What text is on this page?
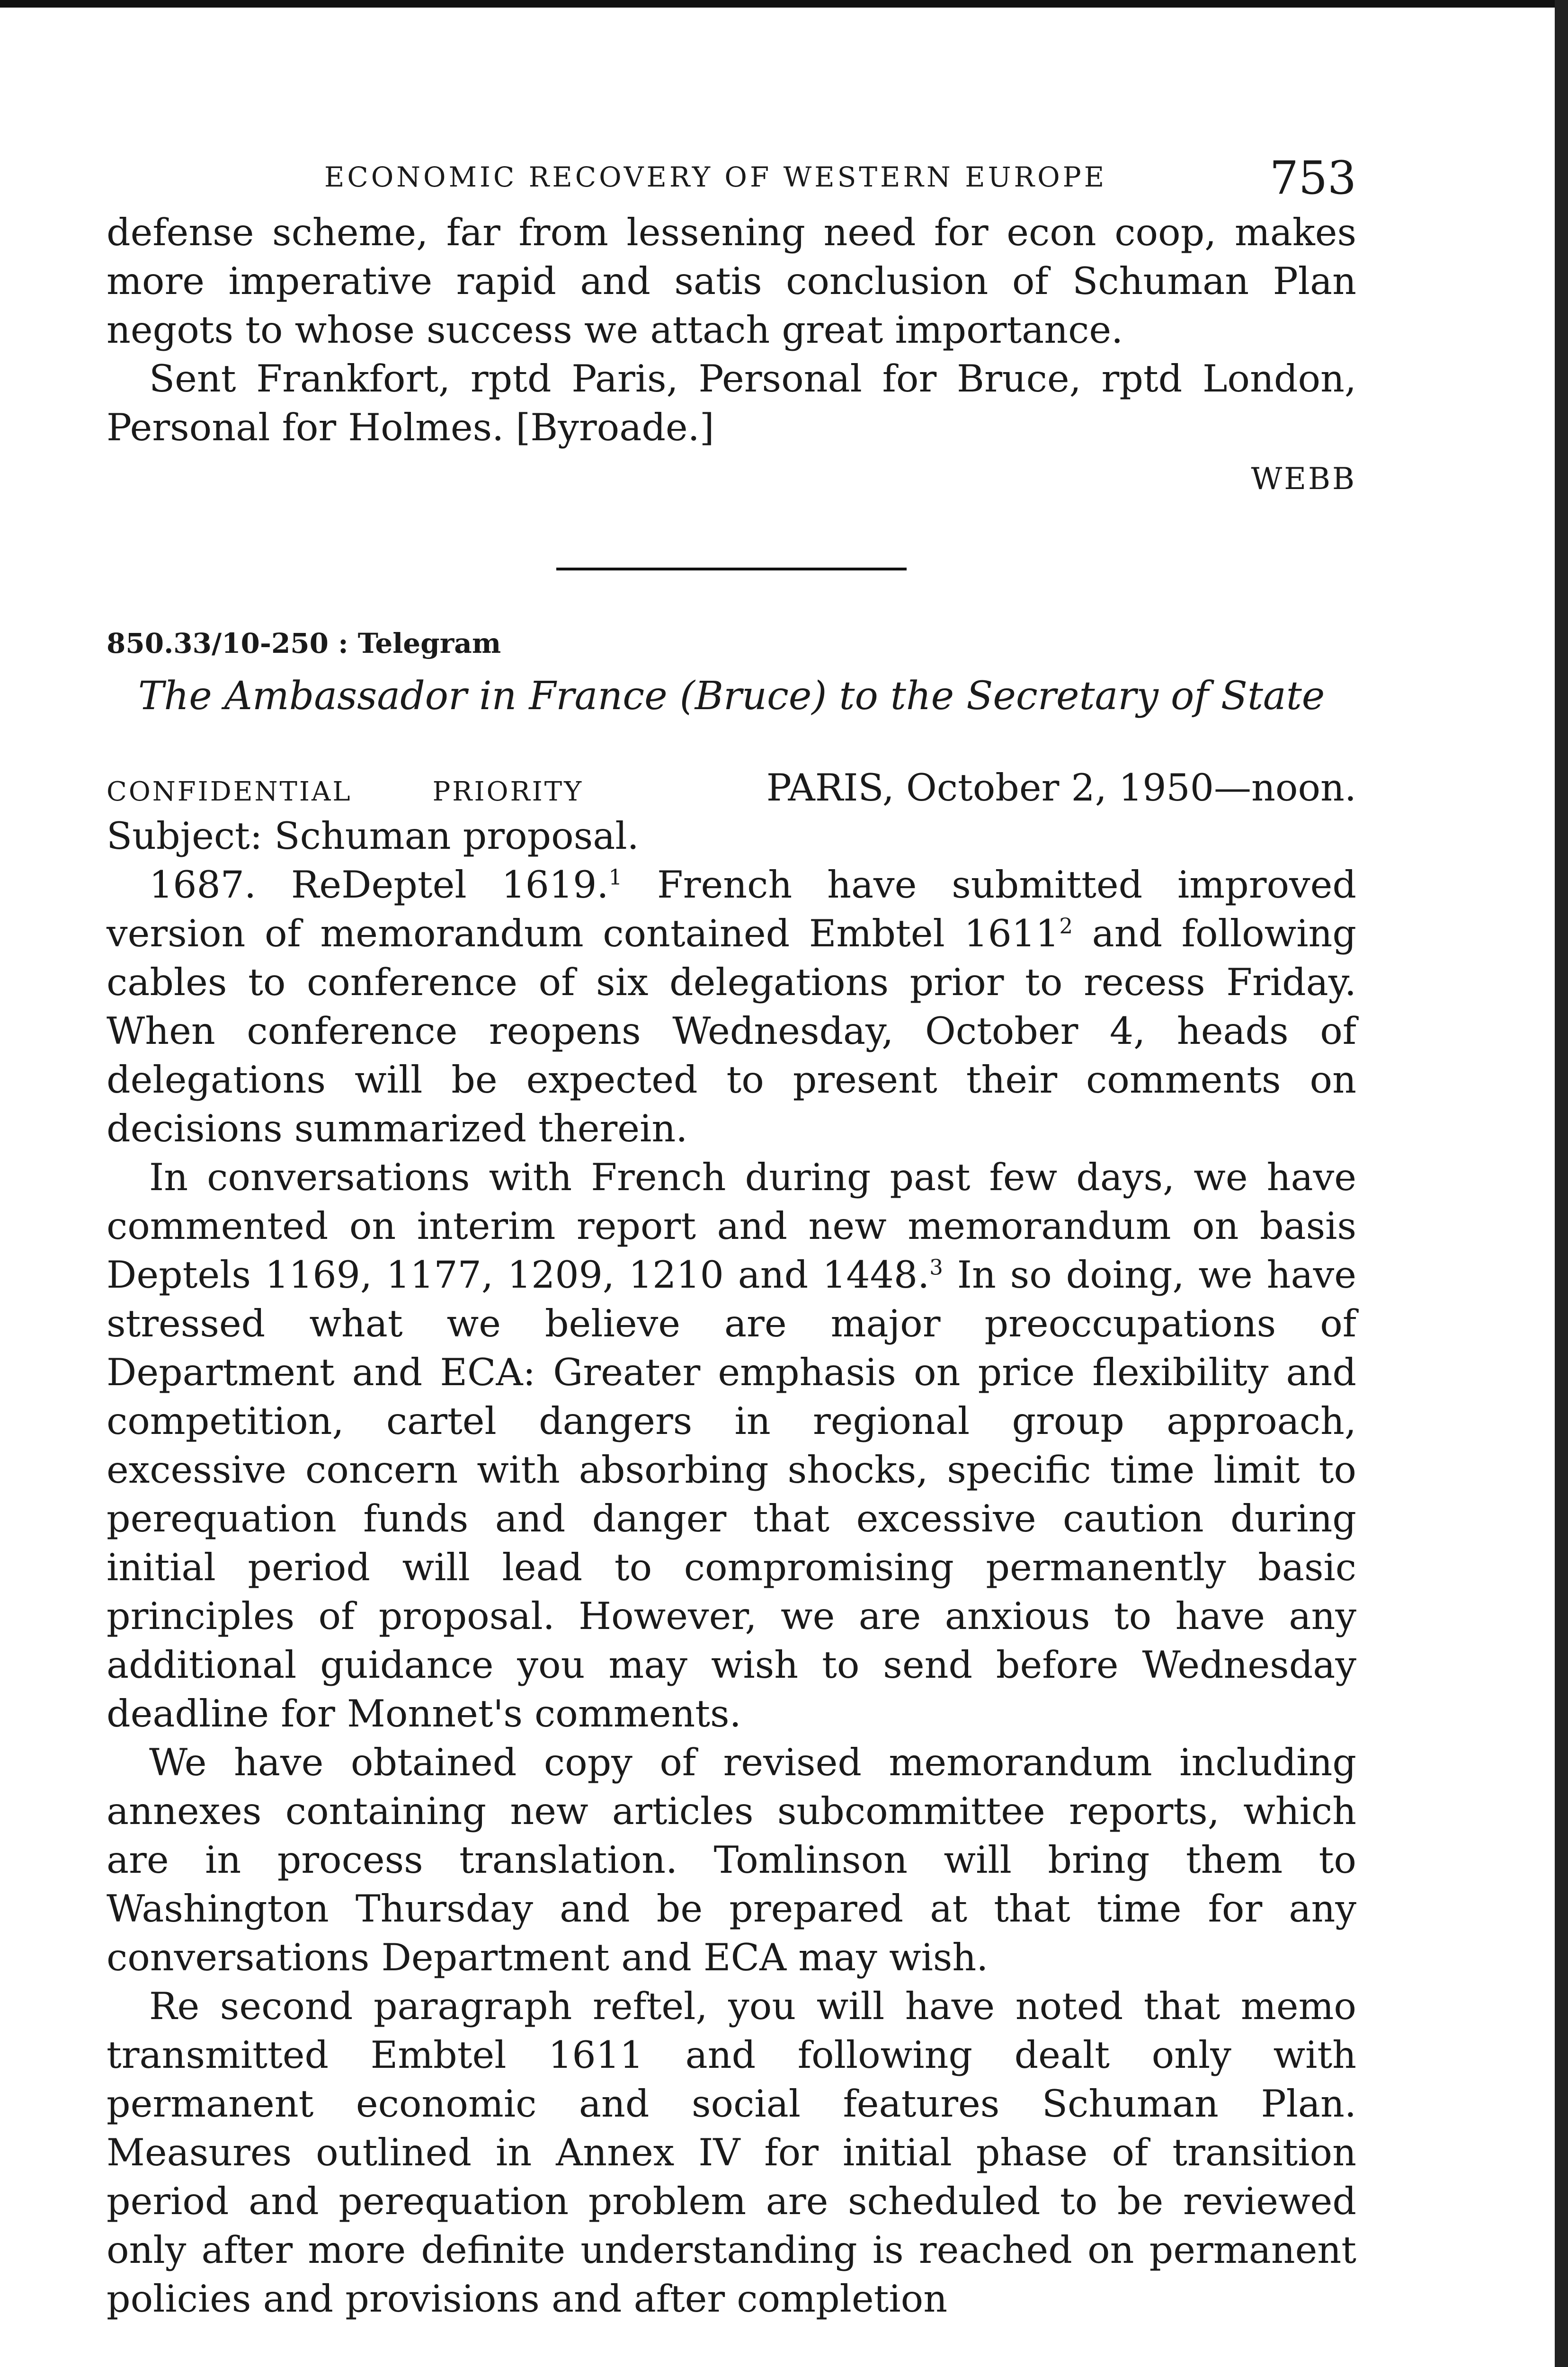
ECONOMIC RECOVERY OF WESTERN EUROPE	753

defense scheme, far from lessening need for econ coop, makes more imperative rapid and satis conclusion of Schuman Plan negots to whose success we attach great importance.

Sent Frankfort, rptd Paris, Personal for Bruce, rptd London, Personal for Holmes. [Byroade.]

WEBB
850.33/10-250 : Telegram
The Ambassador in France (Bruce) to the Secretary of State
CONFIDENTIAL	PRIORITY	PARIS, October 2, 1950—noon.
Subject: Schuman proposal.

1687. ReDeptel 1619.$^1$ French have submitted improved version of memorandum contained Embtel 1611$^2$ and following cables to conference of six delegations prior to recess Friday. When conference reopens Wednesday, October 4, heads of delegations will be expected to present their comments on decisions summarized therein.

In conversations with French during past few days, we have commented on interim report and new memorandum on basis Deptels 1169, 1177, 1209, 1210 and 1448.$^3$ In so doing, we have stressed what we believe are major preoccupations of Department and ECA: Greater emphasis on price flexibility and competition, cartel dangers in regional group approach, excessive concern with absorbing shocks, specific time limit to perequation funds and danger that excessive caution during initial period will lead to compromising permanently basic principles of proposal. However, we are anxious to have any additional guidance you may wish to send before Wednesday deadline for Monnet's comments.

We have obtained copy of revised memorandum including annexes containing new articles subcommittee reports, which are in process translation. Tomlinson will bring them to Washington Thursday and be prepared at that time for any conversations Department and ECA may wish.

Re second paragraph reftel, you will have noted that memo transmitted Embtel 1611 and following dealt only with permanent economic and social features Schuman Plan. Measures outlined in Annex IV for initial phase of transition period and perequation problem are scheduled to be reviewed only after more definite understanding is reached on permanent policies and provisions and after completion
